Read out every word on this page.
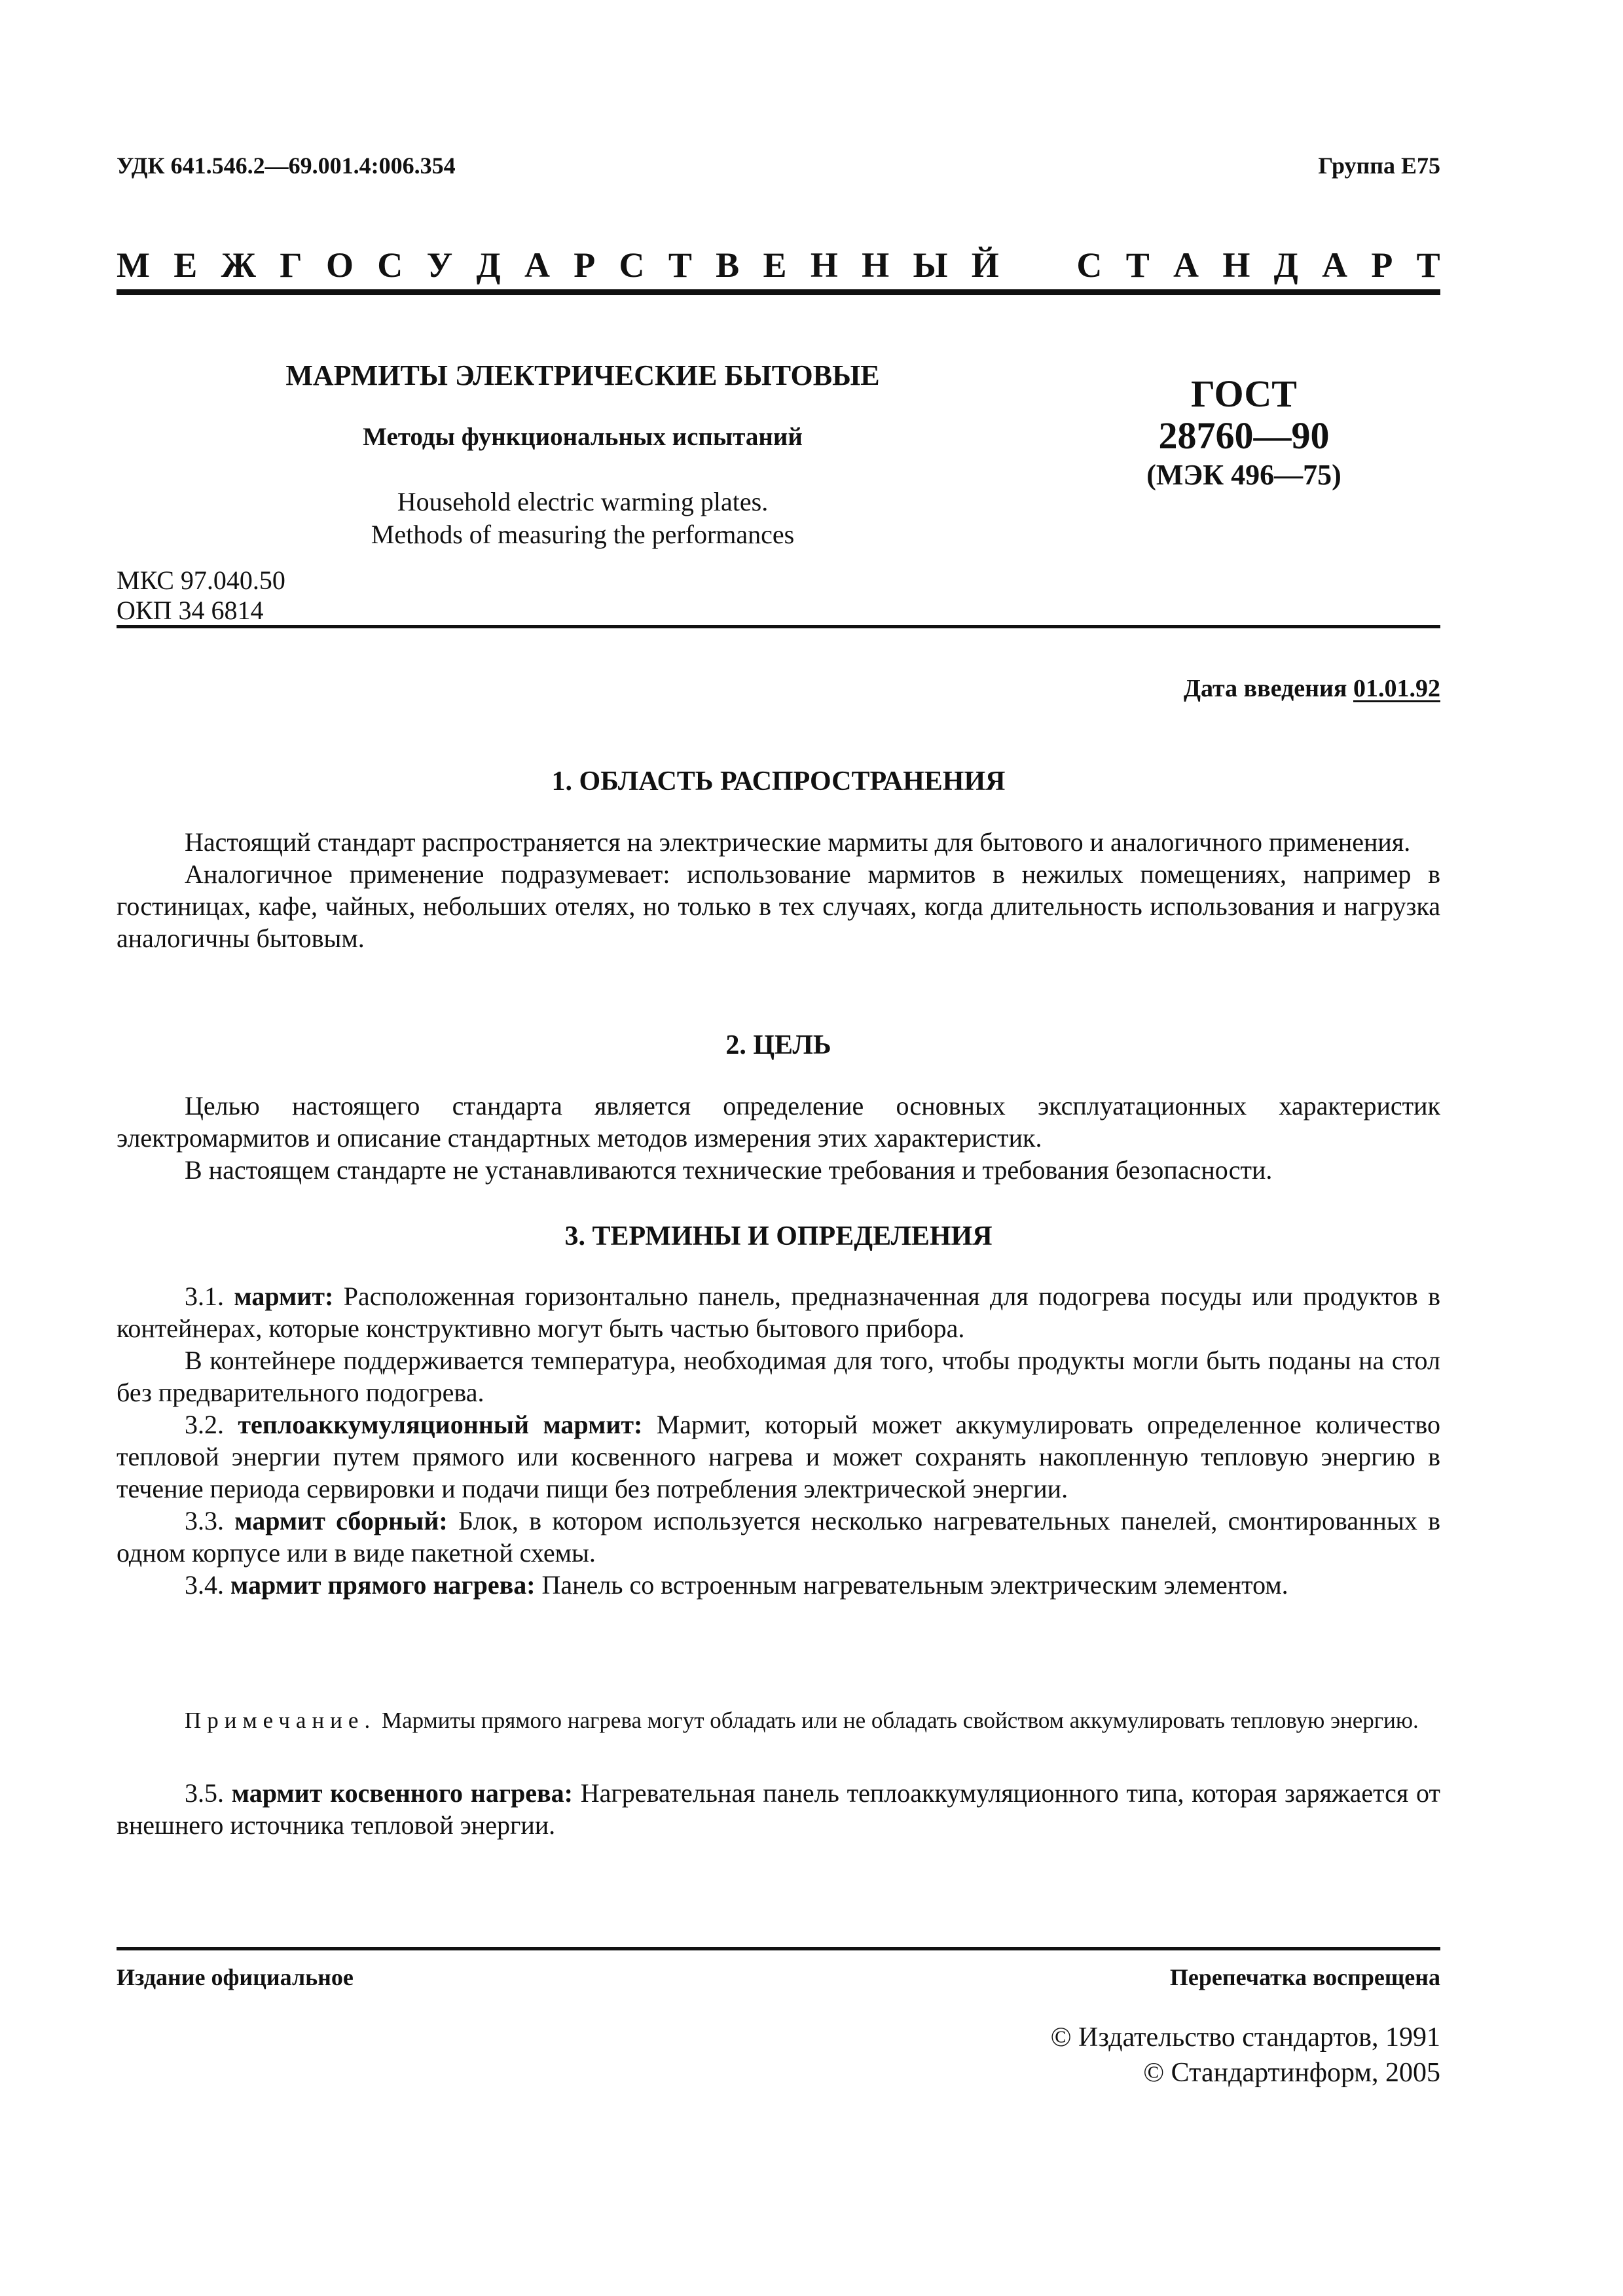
УДК 641.546.2—69.001.4:006.354	Группа Е75
М Е Ж Г О С У Д А Р С Т В Е Н Н Ы Й С Т А Н Д А Р Т
МАРМИТЫ ЭЛЕКТРИЧЕСКИЕ БЫТОВЫЕ
Методы функциональных испытаний
Household electric warming plates.
Methods of measuring the performances
ГОСТ
28760—90
(МЭК 496—75)
МКС 97.040.50
ОКП 34 6814
Дата введения 01.01.92
1. ОБЛАСТЬ РАСПРОСТРАНЕНИЯ

Настоящий стандарт распространяется на электрические мармиты для бытового и аналогичного применения.

Аналогичное применение подразумевает: использование мармитов в нежилых помещениях, например в гостиницах, кафе, чайных, небольших отелях, но только в тех случаях, когда длительность использования и нагрузка аналогичны бытовым.

2. ЦЕЛЬ

Целью настоящего стандарта является определение основных эксплуатационных характеристик электромармитов и описание стандартных методов измерения этих характеристик.

В настоящем стандарте не устанавливаются технические требования и требования безопасности.

3. ТЕРМИНЫ И ОПРЕДЕЛЕНИЯ

3.1. мармит: Расположенная горизонтально панель, предназначенная для подогрева посуды или продуктов в контейнерах, которые конструктивно могут быть частью бытового прибора.

В контейнере поддерживается температура, необходимая для того, чтобы продукты могли быть поданы на стол без предварительного подогрева.

3.2. теплоаккумуляционный мармит: Мармит, который может аккумулировать определенное количество тепловой энергии путем прямого или косвенного нагрева и может сохранять накопленную тепловую энергию в течение периода сервировки и подачи пищи без потребления электрической энергии.

3.3. мармит сборный: Блок, в котором используется несколько нагревательных панелей, смонтированных в одном корпусе или в виде пакетной схемы.

3.4. мармит прямого нагрева: Панель со встроенным нагревательным электрическим элементом.

Примечание. Мармиты прямого нагрева могут обладать или не обладать свойством аккумулировать тепловую энергию.

3.5. мармит косвенного нагрева: Нагревательная панель теплоаккумуляционного типа, которая заряжается от внешнего источника тепловой энергии.

Издание официальное	Перепечатка воспрещена
© Издательство стандартов, 1991
© Стандартинформ, 2005
